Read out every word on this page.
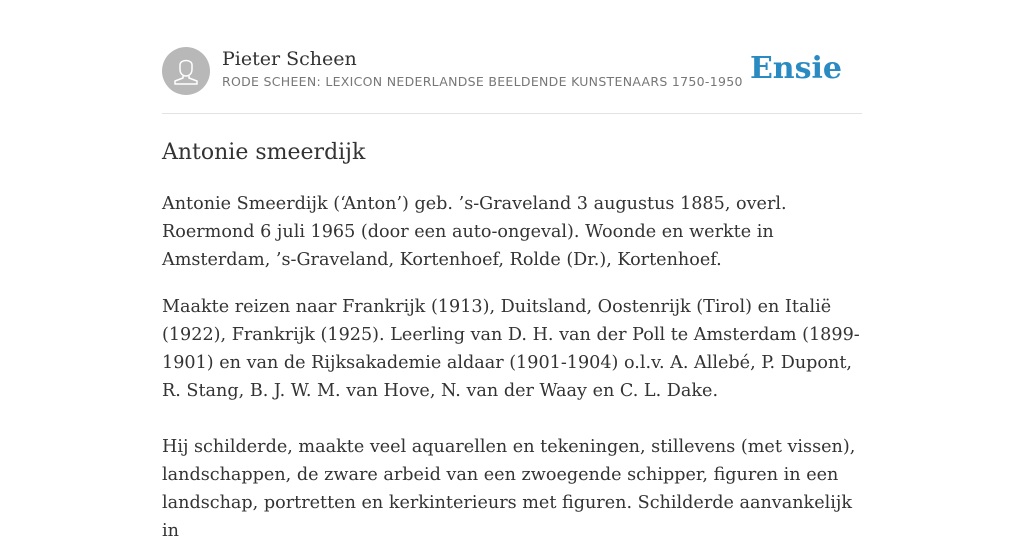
Pieter Scheen
RODE SCHEEN: LEXICON NEDERLANDSE BEELDENDE KUNSTENAARS 1750-1950 Ensie
Antonie smeerdijk

Antonie Smeerdijk (‘Anton’) geb. ’s-Graveland 3 augustus 1885, overl. Roermond 6 juli 1965 (door een auto-ongeval). Woonde en werkte in Amsterdam, ’s-Graveland, Kortenhoef, Rolde (Dr.), Kortenhoef.

Maakte reizen naar Frankrijk (1913), Duitsland, Oostenrijk (Tirol) en Italië (1922), Frankrijk (1925). Leerling van D. H. van der Poll te Amsterdam (1899-1901) en van de Rijksakademie aldaar (1901-1904) o.l.v. A. Allebé, P. Dupont, R. Stang, B. J. W. M. van Hove, N. van der Waay en C. L. Dake.

Hij schilderde, maakte veel aquarellen en tekeningen, stillevens (met vissen), landschappen, de zware arbeid van een zwoegende schipper, figuren in een landschap, portretten en kerkinterieurs met figuren. Schilderde aanvankelijk in
